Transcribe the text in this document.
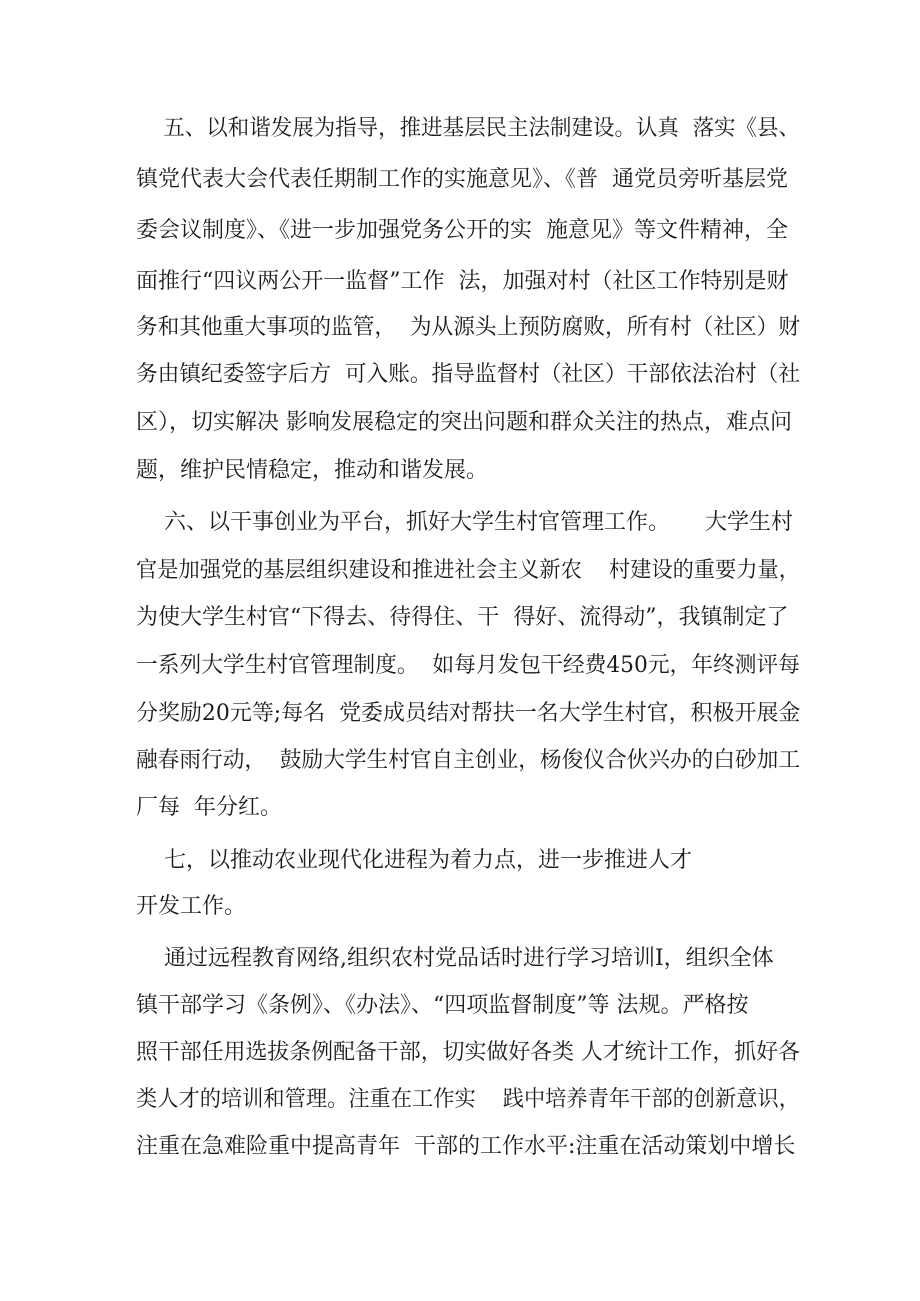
五、以和谐发展为指导，推进基层民主法制建设。认真  落实《县、

镇党代表大会代表任期制工作的实施意见》、《普  通党员旁听基层党

委会议制度》、《进一步加强党务公开的实  施意见》等文件精神，全

面推行“四议两公开一监督”工作  法，加强对村（社区工作特别是财

务和其他重大事项的监管，  为从源头上预防腐败，所有村（社区）财

务由镇纪委签字后方  可入账。指导监督村（社区）干部依法治村（社

区），切实解决 影响发展稳定的突出问题和群众关注的热点，难点问

题，维护民情稳定，推动和谐发展。

六、以干事创业为平台，抓好大学生村官管理工作。     大学生村

官是加强党的基层组织建设和推进社会主义新农    村建设的重要力量，

为使大学生村官“下得去、待得住、干  得好、流得动”，我镇制定了

一系列大学生村官管理制度。  如每月发包干经费450元，年终测评每

分奖励20元等;每名  党委成员结对帮扶一名大学生村官，积极开展金

融春雨行动，  鼓励大学生村官自主创业，杨俊仪合伙兴办的白砂加工

厂每  年分红。

七，以推动农业现代化进程为着力点，进一步推进人才

开发工作。

通过远程教育网络,组织农村党品话时进行学习培训I，组织全体

镇干部学习《条例》、《办法》、“四项监督制度”等 法规。严格按

照干部任用选拔条例配备干部，切实做好各类 人才统计工作，抓好各

类人才的培训和管理。注重在工作实    践中培养青年干部的创新意识，

注重在急难险重中提高青年  干部的工作水平:注重在活动策划中增长
